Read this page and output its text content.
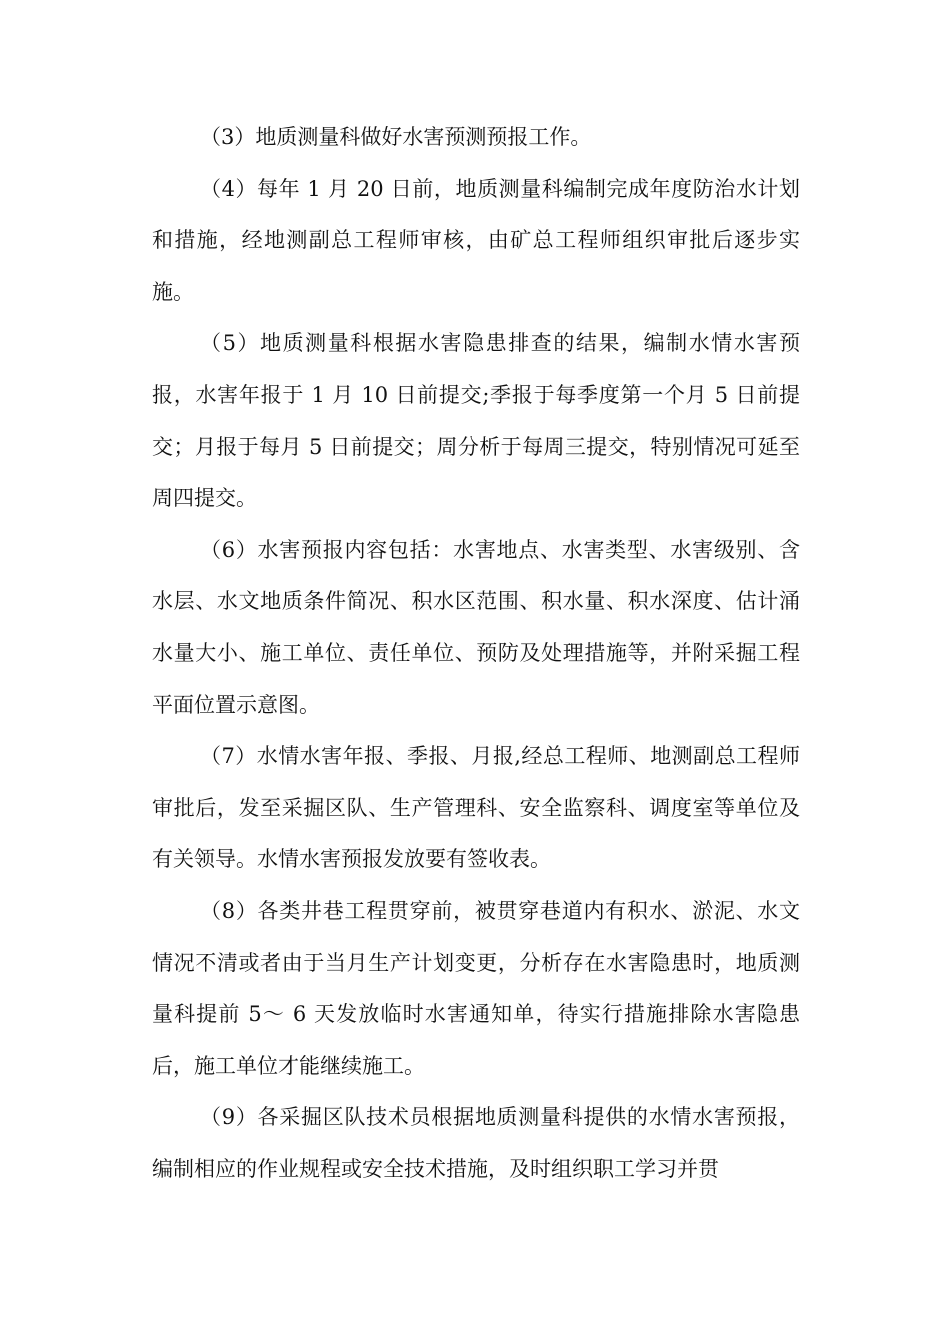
（3）地质测量科做好水害预测预报工作。

（4）每年 1 月 20 日前，地质测量科编制完成年度防治水计划和措施，经地测副总工程师审核，由矿总工程师组织审批后逐步实施。

（5）地质测量科根据水害隐患排查的结果，编制水情水害预报，水害年报于 1 月 10 日前提交;季报于每季度第一个月 5 日前提交；月报于每月 5 日前提交；周分析于每周三提交，特别情况可延至周四提交。

（6）水害预报内容包括：水害地点、水害类型、水害级别、含水层、水文地质条件简况、积水区范围、积水量、积水深度、估计涌水量大小、施工单位、责任单位、预防及处理措施等，并附采掘工程平面位置示意图。

（7）水情水害年报、季报、月报,经总工程师、地测副总工程师审批后，发至采掘区队、生产管理科、安全监察科、调度室等单位及有关领导。水情水害预报发放要有签收表。

（8）各类井巷工程贯穿前，被贯穿巷道内有积水、淤泥、水文情况不清或者由于当月生产计划变更，分析存在水害隐患时，地质测量科提前 5～ 6 天发放临时水害通知单，待实行措施排除水害隐患后，施工单位才能继续施工。

（9）各采掘区队技术员根据地质测量科提供的水情水害预报，编制相应的作业规程或安全技术措施，及时组织职工学习并贯
